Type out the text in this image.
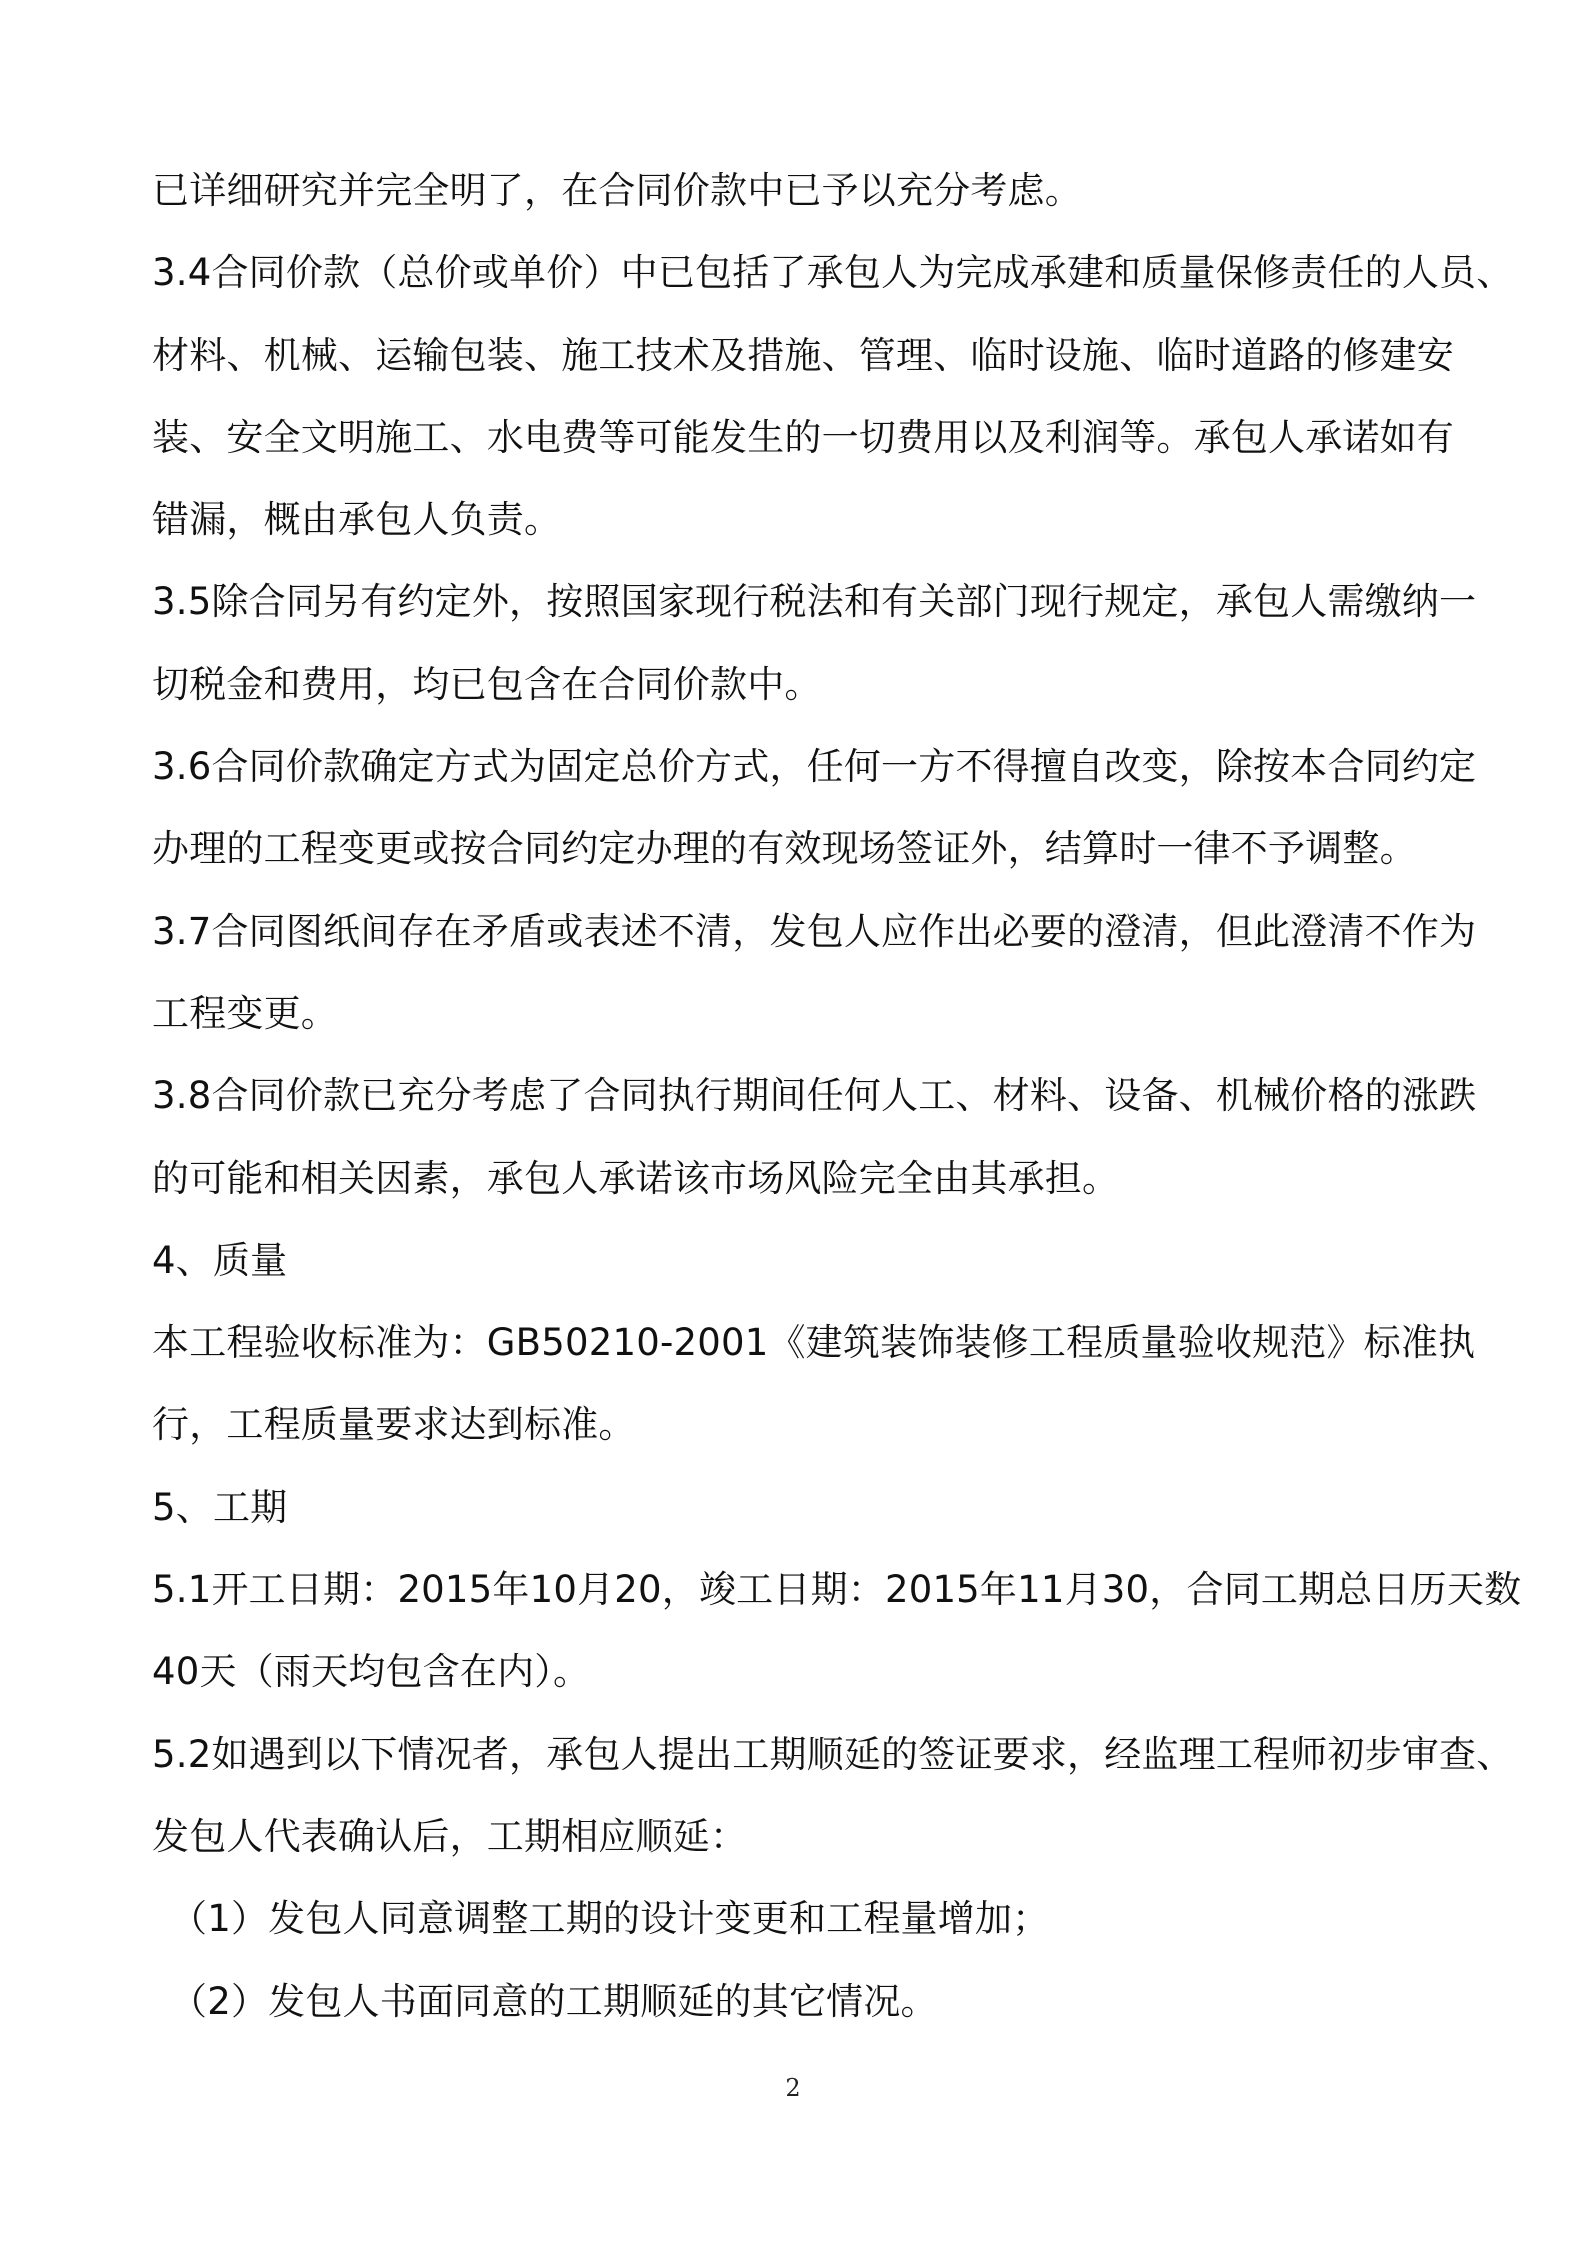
已详细研究并完全明了，在合同价款中已予以充分考虑。
3.4合同价款（总价或单价）中已包括了承包人为完成承建和质量保修责任的人员、
材料、机械、运输包装、施工技术及措施、管理、临时设施、临时道路的修建安
装、安全文明施工、水电费等可能发生的一切费用以及利润等。承包人承诺如有
错漏，概由承包人负责。
3.5除合同另有约定外，按照国家现行税法和有关部门现行规定，承包人需缴纳一
切税金和费用，均已包含在合同价款中。
3.6合同价款确定方式为固定总价方式，任何一方不得擅自改变，除按本合同约定
办理的工程变更或按合同约定办理的有效现场签证外，结算时一律不予调整。
3.7合同图纸间存在矛盾或表述不清，发包人应作出必要的澄清，但此澄清不作为
工程变更。
3.8合同价款已充分考虑了合同执行期间任何人工、材料、设备、机械价格的涨跌
的可能和相关因素，承包人承诺该市场风险完全由其承担。
4、质量
本工程验收标准为：GB50210-2001《建筑装饰装修工程质量验收规范》标准执
行，工程质量要求达到标准。
5、工期
5.1开工日期：2015年10月20，竣工日期：2015年11月30，合同工期总日历天数
40天（雨天均包含在内）。
5.2如遇到以下情况者，承包人提出工期顺延的签证要求，经监理工程师初步审查、
发包人代表确认后，工期相应顺延：
（1）发包人同意调整工期的设计变更和工程量增加；
（2）发包人书面同意的工期顺延的其它情况。
2
